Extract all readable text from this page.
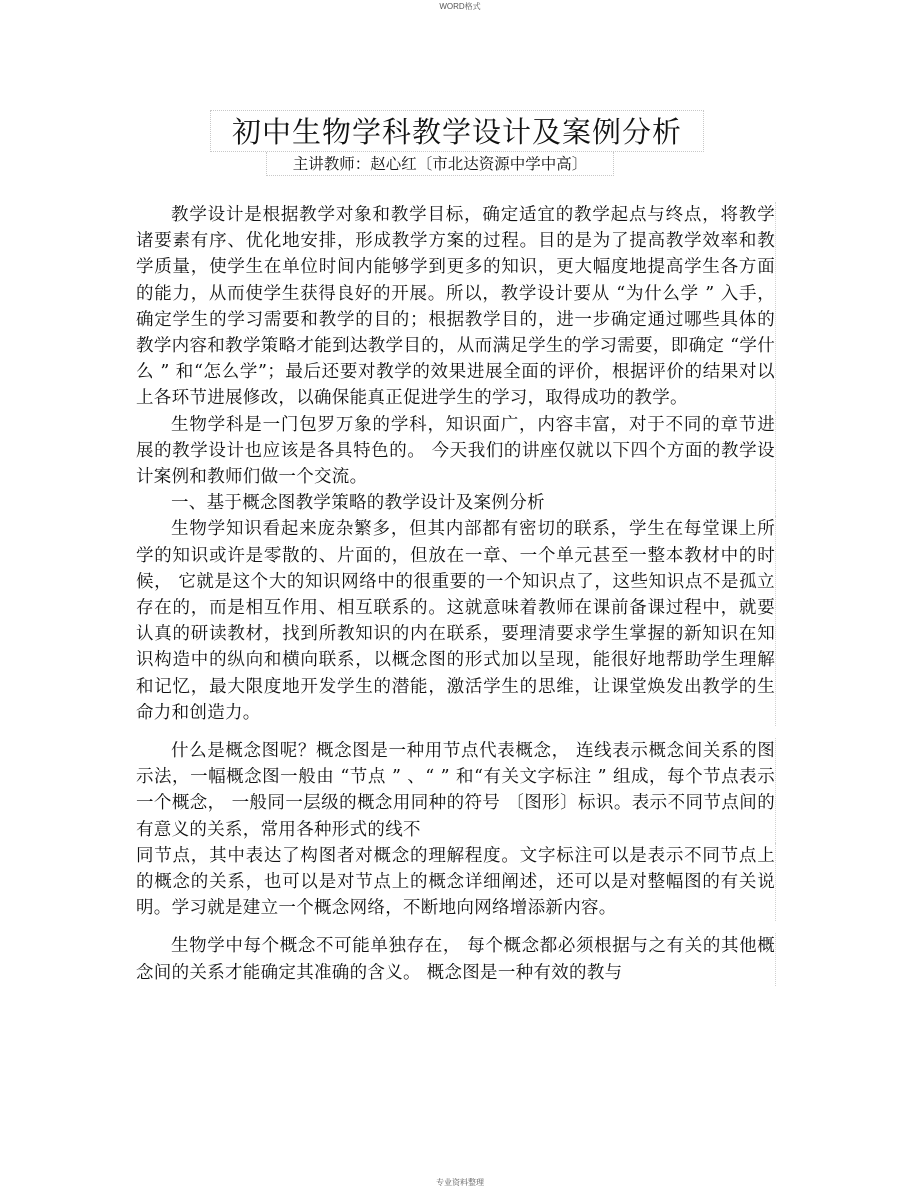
WORD格式
初中生物学科教学设计及案例分析
主讲教师：赵心红〔市北达资源中学中高〕

教学设计是根据教学对象和教学目标，确定适宜的教学起点与终点，将教学诸要素有序、优化地安排，形成教学方案的过程。目的是为了提高教学效率和教学质量，使学生在单位时间内能够学到更多的知识，更大幅度地提高学生各方面的能力，从而使学生获得良好的开展。所以，教学设计要从 “为什么学 ” 入手，确定学生的学习需要和教学的目的；根据教学目的，进一步确定通过哪些具体的教学内容和教学策略才能到达教学目的，从而满足学生的学习需要，即确定 “学什么 ” 和“怎么学”；最后还要对教学的效果进展全面的评价，根据评价的结果对以上各环节进展修改，以确保能真正促进学生的学习，取得成功的教学。

生物学科是一门包罗万象的学科，知识面广，内容丰富，对于不同的章节进展的教学设计也应该是各具特色的。 今天我们的讲座仅就以下四个方面的教学设计案例和教师们做一个交流。

一、基于概念图教学策略的教学设计及案例分析

生物学知识看起来庞杂繁多，但其内部都有密切的联系，学生在每堂课上所学的知识或许是零散的、片面的，但放在一章、一个单元甚至一整本教材中的时候， 它就是这个大的知识网络中的很重要的一个知识点了，这些知识点不是孤立存在的，而是相互作用、相互联系的。这就意味着教师在课前备课过程中，就要认真的研读教材，找到所教知识的内在联系，要理清要求学生掌握的新知识在知识构造中的纵向和横向联系，以概念图的形式加以呈现，能很好地帮助学生理解和记忆，最大限度地开发学生的潜能，激活学生的思维，让课堂焕发出教学的生命力和创造力。

什么是概念图呢？概念图是一种用节点代表概念， 连线表示概念间关系的图示法，一幅概念图一般由 “节点 ” 、“ ” 和“有关文字标注 ” 组成，每个节点表示一个概念， 一般同一层级的概念用同种的符号 〔图形〕标识。表示不同节点间的有意义的关系，常用各种形式的线不

同节点，其中表达了构图者对概念的理解程度。文字标注可以是表示不同节点上的概念的关系，也可以是对节点上的概念详细阐述，还可以是对整幅图的有关说明。学习就是建立一个概念网络，不断地向网络增添新内容。

生物学中每个概念不可能单独存在， 每个概念都必须根据与之有关的其他概念间的关系才能确定其准确的含义。 概念图是一种有效的教与

专业资料整理
